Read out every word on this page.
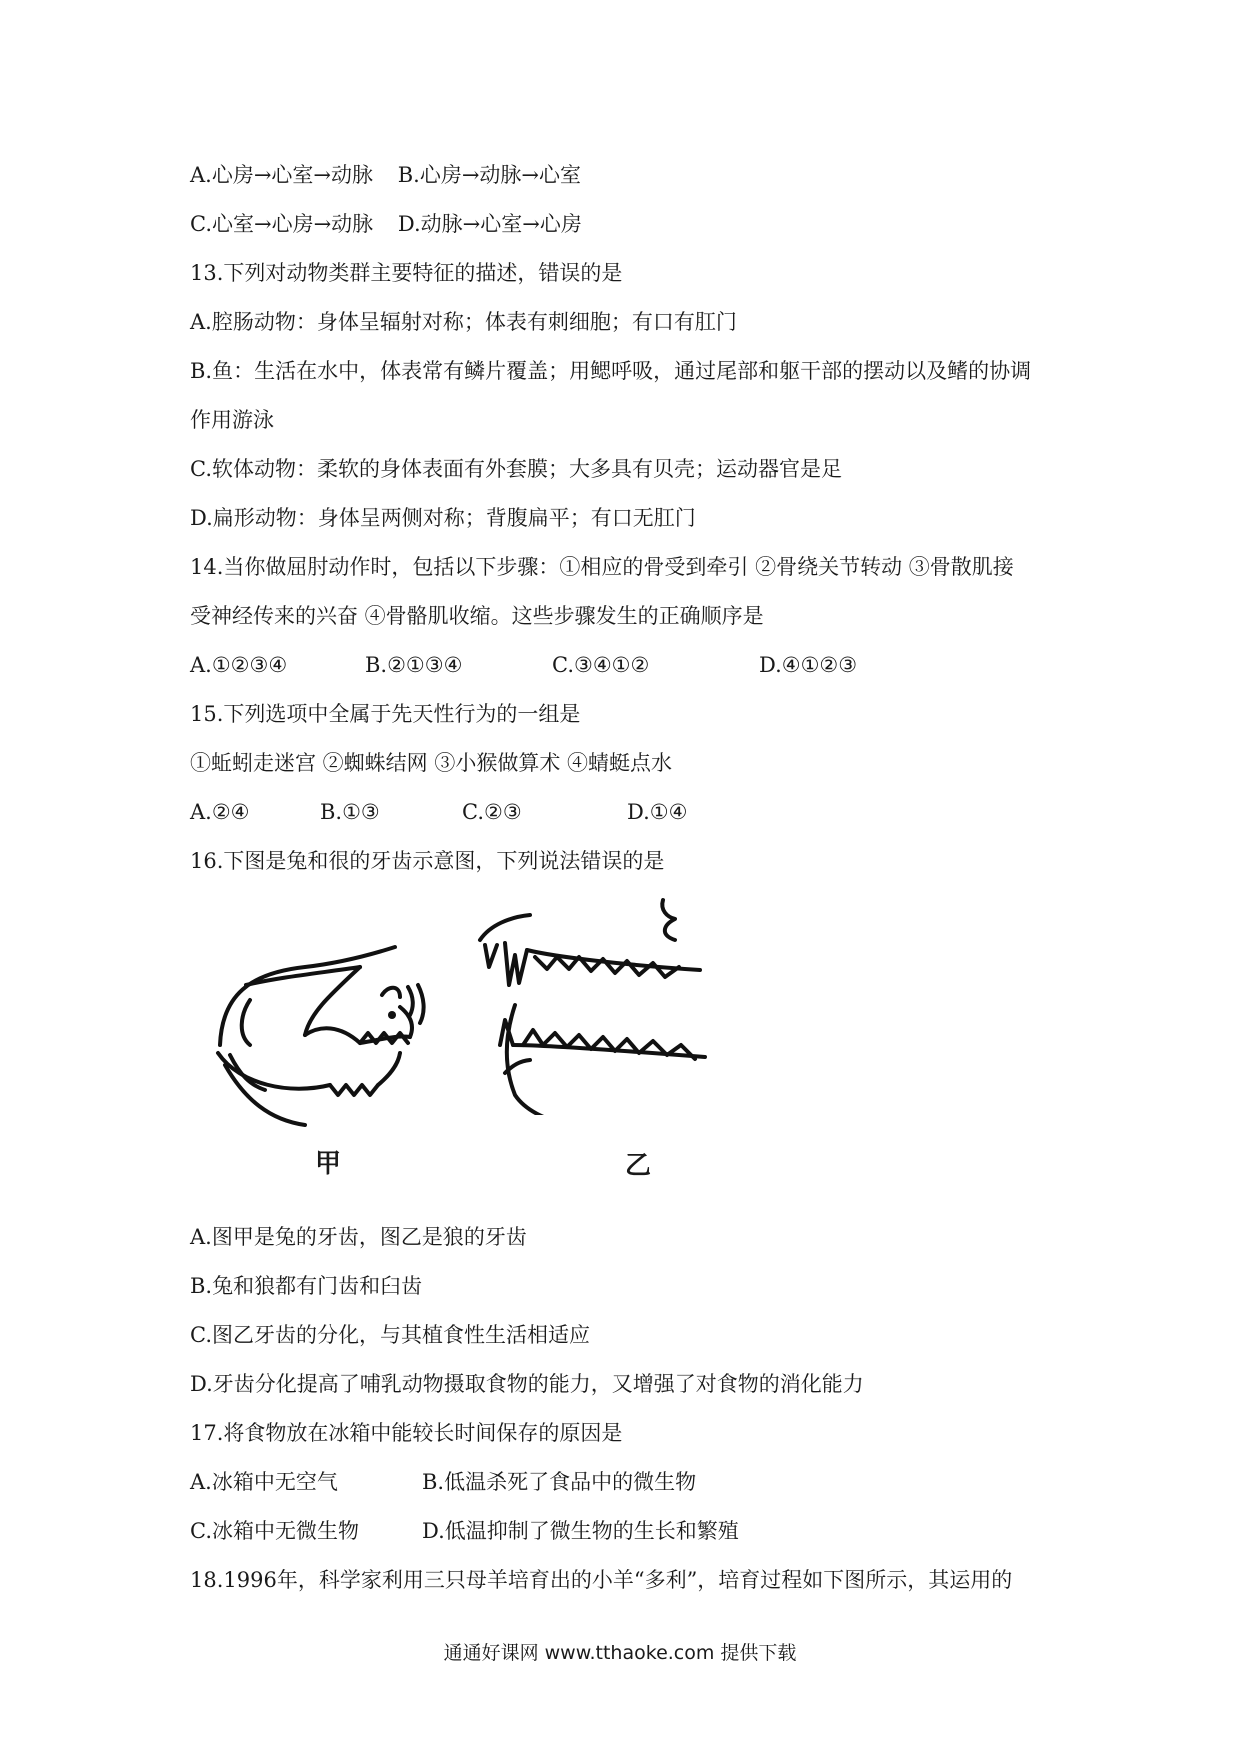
A.心房→心室→动脉 B.心房→动脉→心室

C.心室→心房→动脉 D.动脉→心室→心房

13.下列对动物类群主要特征的描述，错误的是

A.腔肠动物：身体呈辐射对称；体表有刺细胞；有口有肛门

B.鱼：生活在水中，体表常有鳞片覆盖；用鳃呼吸，通过尾部和躯干部的摆动以及鳍的协调

作用游泳

C.软体动物：柔软的身体表面有外套膜；大多具有贝壳；运动器官是足

D.扁形动物：身体呈两侧对称；背腹扁平；有口无肛门

14.当你做屈肘动作时，包括以下步骤：①相应的骨受到牵引 ②骨绕关节转动 ③骨散肌接

受神经传来的兴奋 ④骨骼肌收缩。这些步骤发生的正确顺序是

A.①②③④	B.②①③④	C.③④①②	D.④①②③

15.下列选项中全属于先天性行为的一组是

①蚯蚓走迷宫 ②蜘蛛结网 ③小猴做算术 ④蜻蜓点水

A.②④	B.①③	C.②③	D.①④

16.下图是兔和很的牙齿示意图，下列说法错误的是

甲	乙

A.图甲是兔的牙齿，图乙是狼的牙齿

B.兔和狼都有门齿和臼齿

C.图乙牙齿的分化，与其植食性生活相适应

D.牙齿分化提高了哺乳动物摄取食物的能力，又增强了对食物的消化能力

17.将食物放在冰箱中能较长时间保存的原因是

A.冰箱中无空气	B.低温杀死了食品中的微生物

C.冰箱中无微生物	D.低温抑制了微生物的生长和繁殖

18.1996年，科学家利用三只母羊培育出的小羊“多利”，培育过程如下图所示，其运用的

通通好课网 www.tthaoke.com 提供下载
